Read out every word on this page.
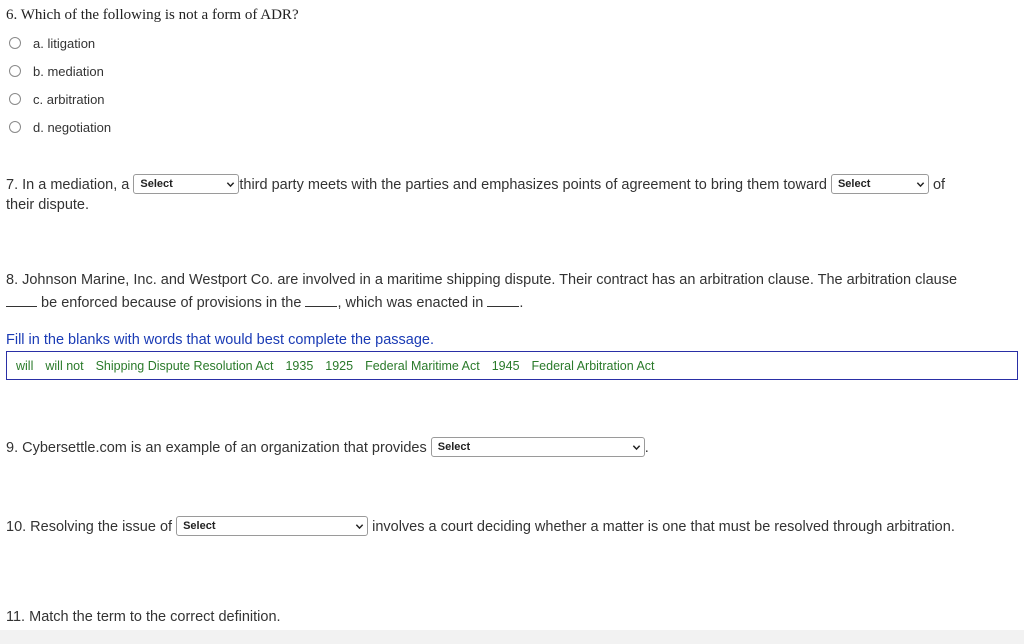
6. Which of the following is not a form of ADR?
a. litigation
b. mediation
c. arbitration
d. negotiation
7. In a mediation, a Select	third party meets with the parties and emphasizes points of agreement to bring them toward Select	of
their dispute.
8. Johnson Marine, Inc. and Westport Co. are involved in a maritime shipping dispute. Their contract has an arbitration clause. The arbitration clause
be enforced because of provisions in the , which was enacted in .
Fill in the blanks with words that would best complete the passage.
will will not Shipping Dispute Resolution Act 1935 1925 Federal Maritime Act 1945 Federal Arbitration Act
9. Cybersettle.com is an example of an organization that provides Select	.
10. Resolving the issue of Select	involves a court deciding whether a matter is one that must be resolved through arbitration.
11. Match the term to the correct definition.
